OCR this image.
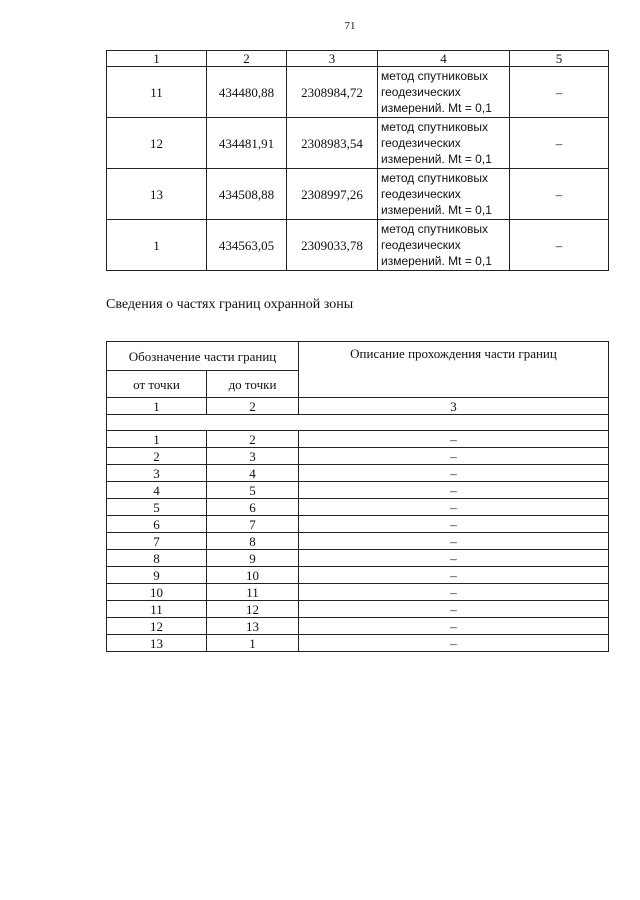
71
1	2	3	4	5
11	434480,88	2308984,72	метод спутниковых
геодезических
измерений. Mt = 0,1	–
12	434481,91	2308983,54	метод спутниковых
геодезических
измерений. Mt = 0,1	–
13	434508,88	2308997,26	метод спутниковых
геодезических
измерений. Mt = 0,1	–
1	434563,05	2309033,78	метод спутниковых
геодезических
измерений. Mt = 0,1	–
Сведения о частях границ охранной зоны
Обозначение части границ		Описание прохождения части границ
от точки	до точки	
1	2	3

1	2	–
2	3	–
3	4	–
4	5	–
5	6	–
6	7	–
7	8	–
8	9	–
9	10	–
10	11	–
11	12	–
12	13	–
13	1	–
